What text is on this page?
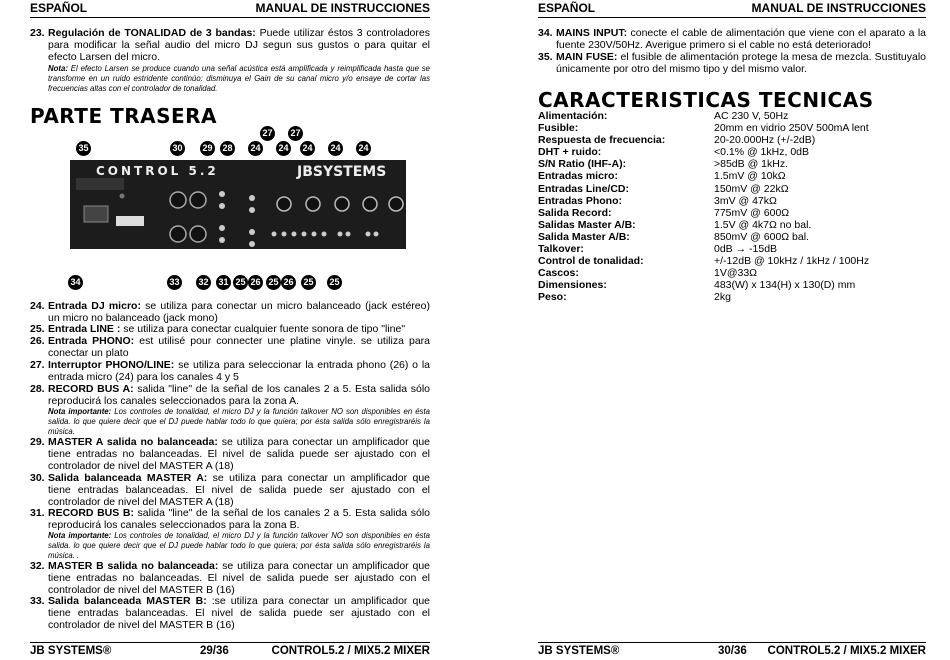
ESPAÑOL	MANUAL DE INSTRUCCIONES
23. Regulación de TONALIDAD de 3 bandas: Puede utilizar éstos 3 controladores para modificar la señal audio del micro DJ segun sus gustos o para quitar el efecto Larsen del micro.
Nota: El efecto Larsen se produce cuando una señal acústica está amplificada y reimplificada hasta que se transforme en un ruido estridente continúo: disminuya el Gain de su canal micro y/o ensaye de cortar las frecuencias altas con el controlador de tonalidad.
PARTE TRASERA
CONTROL 5.2	JBSYSTEMS
35	30 29 28 24
27
24
27
24 24 24
34	33 32 31 25 26 25 26 25 25
24. Entrada DJ micro: se utiliza para conectar un micro balanceado (jack estéreo) un micro no balanceado (jack mono)
25. Entrada LINE : se utiliza para conectar cualquier fuente sonora de tipo "line"
26. Entrada PHONO: est utilisé pour connecter une platine vinyle. se utiliza para conectar un plato
27. Interruptor PHONO/LINE: se utiliza para seleccionar la entrada phono (26) o la entrada micro (24) para los canales 4 y 5
28. RECORD BUS A: salida "line" de la señal de los canales 2 a 5. Esta salida sólo reproducirá los canales seleccionados para la zona A.
Nota importante: Los controles de tonalidad, el micro DJ y la función talkover NO son disponibles en ésta salida. lo que quiere decir que el DJ puede hablar todo lo que quiera; por ésta salida sólo enregistraréis la música.
29. MASTER A salida no balanceada: se utiliza para conectar un amplificador que tiene entradas no balanceadas. El nivel de salida puede ser ajustado con el controlador de nivel del MASTER A (18)
30. Salida balanceada MASTER A: se utiliza para conectar un amplificador que tiene entradas balanceadas. El nivel de salida puede ser ajustado con el controlador de nivel del MASTER A (18)
31. RECORD BUS B: salida "line" de la señal de los canales 2 a 5. Esta salida sólo reproducirá los canales seleccionados para la zona B.
Nota importante: Los controles de tonalidad, el micro DJ y la función talkover NO son disponibles en ésta salida. lo que quiere decir que el DJ puede hablar todo lo que quiera; por ésta salida sólo enregistraréis la música. .
32. MASTER B salida no balanceada: se utiliza para conectar un amplificador que tiene entradas no balanceadas. El nivel de salida puede ser ajustado con el controlador de nivel del MASTER B (16)
33. Salida balanceada MASTER B: :se utiliza para conectar un amplificador que tiene entradas balanceadas. El nivel de salida puede ser ajustado con el controlador de nivel del MASTER B (16)
JB SYSTEMS®	29/36	CONTROL5.2 / MIX5.2 MIXER
ESPAÑOL	MANUAL DE INSTRUCCIONES
34. MAINS INPUT: conecte el cable de alimentación que viene con el aparato a la fuente 230V/50Hz. Averigue primero si el cable no está deteriorado!
35. MAIN FUSE: el fusible de alimentación protege la mesa de mezcla. Sustituyalo únicamente por otro del mismo tipo y del mismo valor.
CARACTERISTICAS TECNICAS
Alimentación:	AC 230 V, 50Hz
Fusible:	20mm en vidrio 250V 500mA lent
Respuesta de frecuencia:	20-20.000Hz (+/-2dB)
DHT + ruido:	<0.1% @ 1kHz, 0dB
S/N Ratio (IHF-A):	>85dB @ 1kHz.
Entradas micro:	1.5mV @ 10kΩ
Entradas Line/CD:	150mV @ 22kΩ
Entradas Phono:	3mV @ 47kΩ
Salida Record:	775mV @ 600Ω
Salidas Master A/B:	1.5V @ 4k7Ω no bal.
Salida Master A/B:	850mV @ 600Ω bal.
Talkover:	0dB → -15dB
Control de tonalidad:	+/-12dB @ 10kHz / 1kHz / 100Hz
Cascos:	1V@33Ω
Dimensiones:	483(W) x 134(H) x 130(D) mm
Peso:	2kg
JB SYSTEMS®	30/36 CONTROL5.2 / MIX5.2 MIXER
